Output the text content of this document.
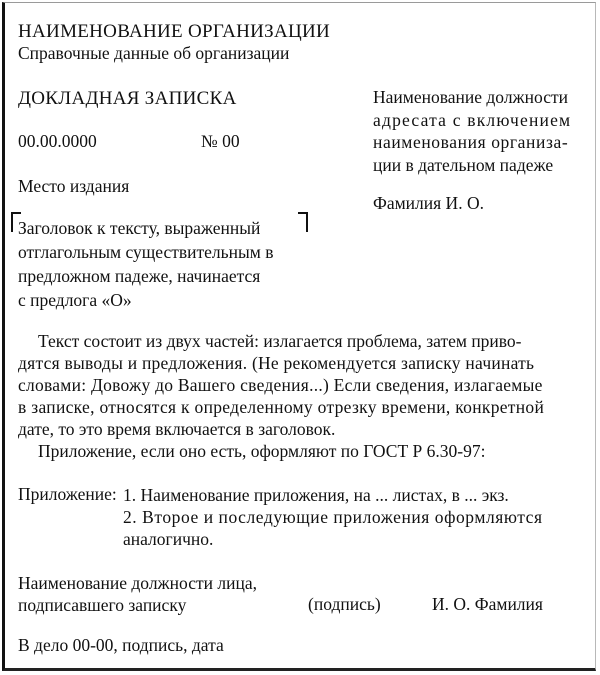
НАИМЕНОВАНИЕ ОРГАНИЗАЦИИ
Справочные данные об организации
ДОКЛАДНАЯ ЗАПИСКА
00.00.0000	№ 00
Место издания
Наименование должности
адресата с включением
наименования организа-
ции в дательном падеже
Фамилия И. О.
Заголовок к тексту, выраженный
отглагольным существительным в
предложном падеже, начинается
с предлога «О»
Текст состоит из двух частей: излагается проблема, затем приво-
дятся выводы и предложения. (Не рекомендуется записку начинать
словами: Довожу до Вашего сведения...) Если сведения, излагаемые
в записке, относятся к определенному отрезку времени, конкретной
дате, то это время включается в заголовок.
Приложение, если оно есть, оформляют по ГОСТ Р 6.30-97:
Приложение: 1. Наименование приложения, на ... листах, в ... экз.
2. Второе и последующие приложения оформляются
аналогично.
Наименование должности лица,
подписавшего записку	(подпись)	И. О. Фамилия
В дело 00-00, подпись, дата
